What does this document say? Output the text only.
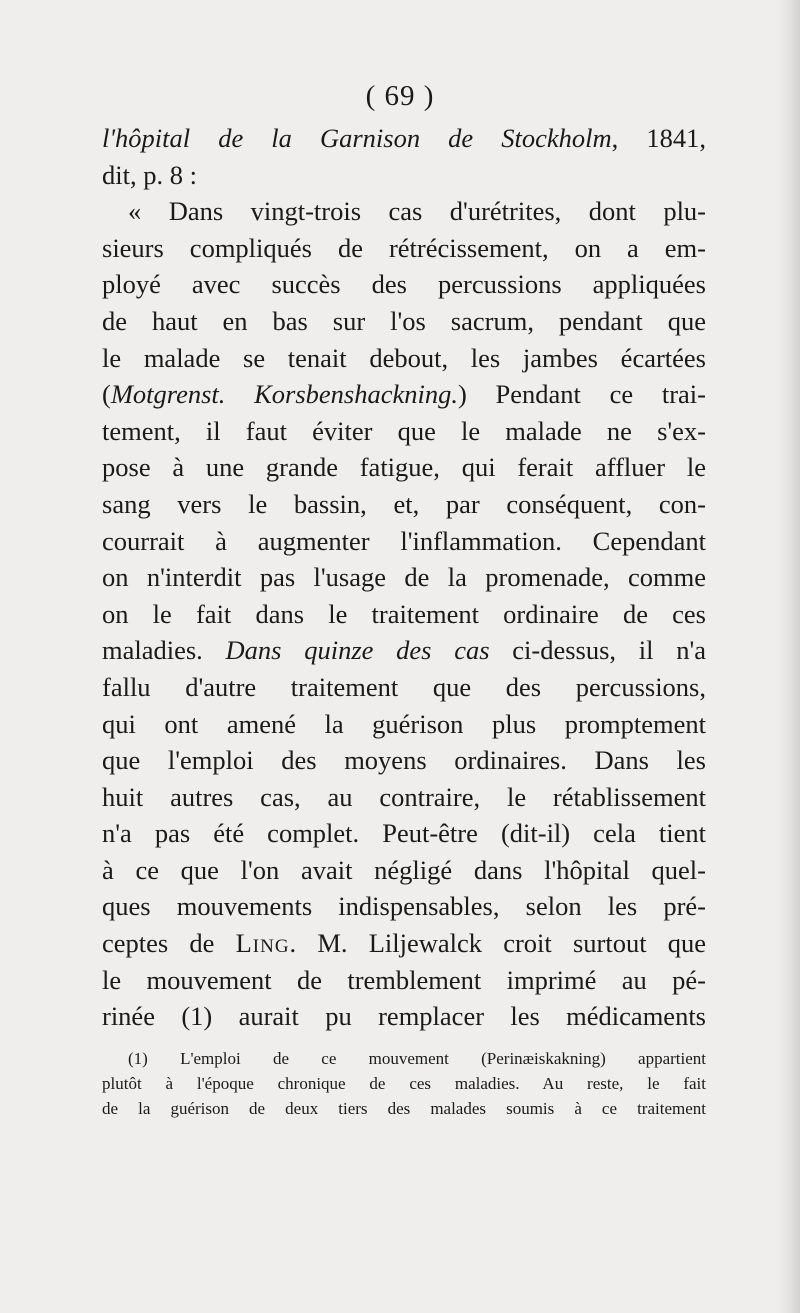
( 69 )
l'hôpital de la Garnison de Stockholm, 1841,
dit, p. 8 :
« Dans vingt-trois cas d'urétrites, dont plu-
sieurs compliqués de rétrécissement, on a em-
ployé avec succès des percussions appliquées
de haut en bas sur l'os sacrum, pendant que
le malade se tenait debout, les jambes écartées
(Motgrenst. Korsbenshackning.) Pendant ce trai-
tement, il faut éviter que le malade ne s'ex-
pose à une grande fatigue, qui ferait affluer le
sang vers le bassin, et, par conséquent, con-
courrait à augmenter l'inflammation. Cependant
on n'interdit pas l'usage de la promenade, comme
on le fait dans le traitement ordinaire de ces
maladies. Dans quinze des cas ci-dessus, il n'a
fallu d'autre traitement que des percussions,
qui ont amené la guérison plus promptement
que l'emploi des moyens ordinaires. Dans les
huit autres cas, au contraire, le rétablissement
n'a pas été complet. Peut-être (dit-il) cela tient
à ce que l'on avait négligé dans l'hôpital quel-
ques mouvements indispensables, selon les pré-
ceptes de Ling. M. Liljewalck croit surtout que
le mouvement de tremblement imprimé au pé-
rinée (1) aurait pu remplacer les médicaments
(1) L'emploi de ce mouvement (Perinæiskakning) appartient
plutôt à l'époque chronique de ces maladies. Au reste, le fait
de la guérison de deux tiers des malades soumis à ce traitement
